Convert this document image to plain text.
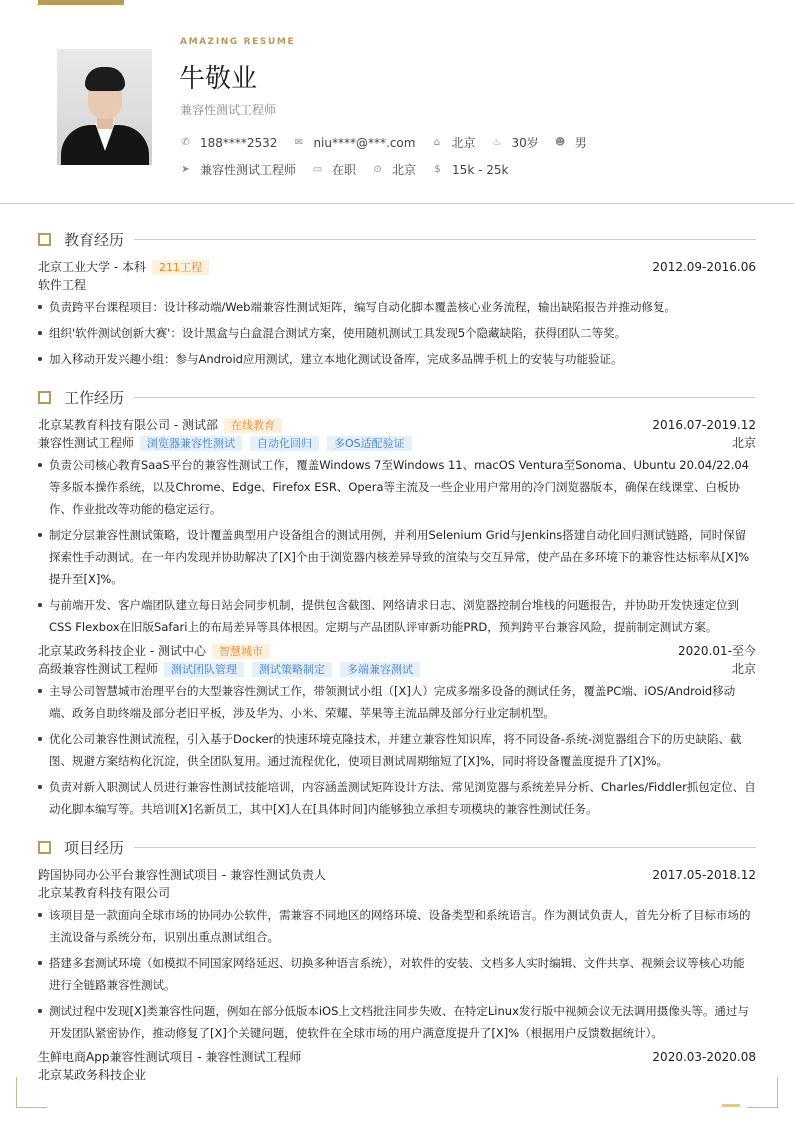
AMAZING RESUME
牛敬业
兼容性测试工程师
✆ 188****2532 ✉ niu****@***.com ⌂ 北京 ♨ 30岁 ☻ 男
➤ 兼容性测试工程师 ▭ 在职 ⊙ 北京 $ 15k - 25k
教育经历
北京工业大学 - 本科	211工程	2012.09-2016.06
软件工程
负责跨平台课程项目：设计移动端/Web端兼容性测试矩阵，编写自动化脚本覆盖核心业务流程，输出缺陷报告并推动修复。
组织'软件测试创新大赛'：设计黑盒与白盒混合测试方案，使用随机测试工具发现5个隐藏缺陷，获得团队二等奖。
加入移动开发兴趣小组：参与Android应用测试，建立本地化测试设备库，完成多品牌手机上的安装与功能验证。
工作经历
北京某教育科技有限公司 - 测试部	在线教育	2016.07-2019.12
兼容性测试工程师	浏览器兼容性测试	自动化回归	多OS适配验证	北京
负责公司核心教育SaaS平台的兼容性测试工作，覆盖Windows 7至Windows 11、macOS Ventura至Sonoma、Ubuntu 20.04/22.04等多版本操作系统，以及Chrome、Edge、Firefox ESR、Opera等主流及一些企业用户常用的冷门浏览器版本，确保在线课堂、白板协作、作业批改等功能的稳定运行。
制定分层兼容性测试策略，设计覆盖典型用户设备组合的测试用例，并利用Selenium Grid与Jenkins搭建自动化回归测试链路，同时保留探索性手动测试。在一年内发现并协助解决了[X]个由于浏览器内核差异导致的渲染与交互异常，使产品在多环境下的兼容性达标率从[X]%提升至[X]%。
与前端开发、客户端团队建立每日站会同步机制，提供包含截图、网络请求日志、浏览器控制台堆栈的问题报告，并协助开发快速定位到CSS Flexbox在旧版Safari上的布局差异等具体根因。定期与产品团队评审新功能PRD，预判跨平台兼容风险，提前制定测试方案。
北京某政务科技企业 - 测试中心	智慧城市	2020.01-至今
高级兼容性测试工程师	测试团队管理	测试策略制定	多端兼容测试	北京
主导公司智慧城市治理平台的大型兼容性测试工作，带领测试小组（[X]人）完成多端多设备的测试任务，覆盖PC端、iOS/Android移动端、政务自助终端及部分老旧平板，涉及华为、小米、荣耀、苹果等主流品牌及部分行业定制机型。
优化公司兼容性测试流程，引入基于Docker的快速环境克隆技术，并建立兼容性知识库，将不同设备-系统-浏览器组合下的历史缺陷、截图、规避方案结构化沉淀，供全团队复用。通过流程优化，使项目测试周期缩短了[X]%，同时将设备覆盖度提升了[X]%。
负责对新入职测试人员进行兼容性测试技能培训，内容涵盖测试矩阵设计方法、常见浏览器与系统差异分析、Charles/Fiddler抓包定位、自动化脚本编写等。共培训[X]名新员工，其中[X]人在[具体时间]内能够独立承担专项模块的兼容性测试任务。
项目经历
跨国协同办公平台兼容性测试项目 - 兼容性测试负责人	2017.05-2018.12
北京某教育科技有限公司
该项目是一款面向全球市场的协同办公软件，需兼容不同地区的网络环境、设备类型和系统语言。作为测试负责人，首先分析了目标市场的主流设备与系统分布，识别出重点测试组合。
搭建多套测试环境（如模拟不同国家网络延迟、切换多种语言系统），对软件的安装、文档多人实时编辑、文件共享、视频会议等核心功能进行全链路兼容性测试。
测试过程中发现[X]类兼容性问题，例如在部分低版本iOS上文档批注同步失败、在特定Linux发行版中视频会议无法调用摄像头等。通过与开发团队紧密协作，推动修复了[X]个关键问题，使软件在全球市场的用户满意度提升了[X]%（根据用户反馈数据统计）。
生鲜电商App兼容性测试项目 - 兼容性测试工程师	2020.03-2020.08
北京某政务科技企业
